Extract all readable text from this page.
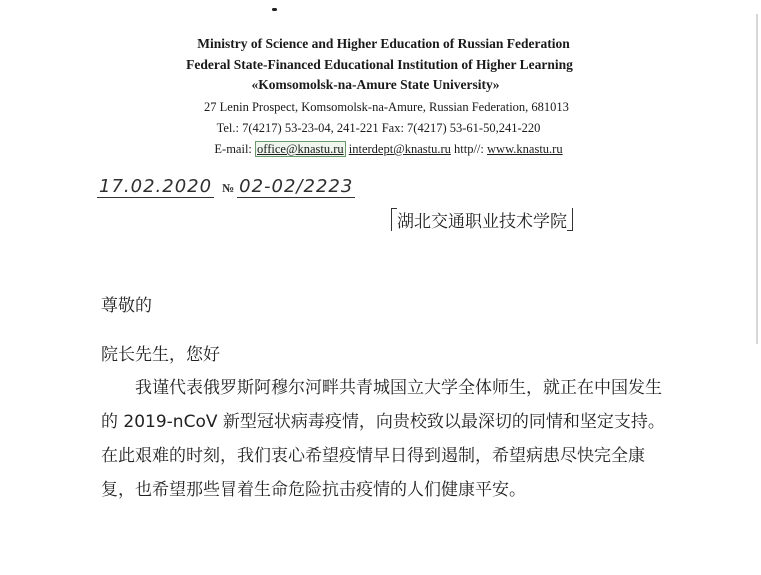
Ministry of Science and Higher Education of Russian Federation
Federal State-Financed Educational Institution of Higher Learning
«Komsomolsk-na-Amure State University»
27 Lenin Prospect, Komsomolsk-na-Amure, Russian Federation, 681013
Tel.: 7(4217) 53-23-04, 241-221 Fax: 7(4217) 53-61-50,241-220
E-mail: office@knastu.ru interdept@knastu.ru http//: www.knastu.ru
17.02.2020 № 02-02/2223
湖北交通职业技术学院
尊敬的
院长先生，您好

我谨代表俄罗斯阿穆尔河畔共青城国立大学全体师生，就正在中国发生的 2019-nCoV 新型冠状病毒疫情，向贵校致以最深切的同情和坚定支持。在此艰难的时刻，我们衷心希望疫情早日得到遏制，希望病患尽快完全康复，也希望那些冒着生命危险抗击疫情的人们健康平安。
